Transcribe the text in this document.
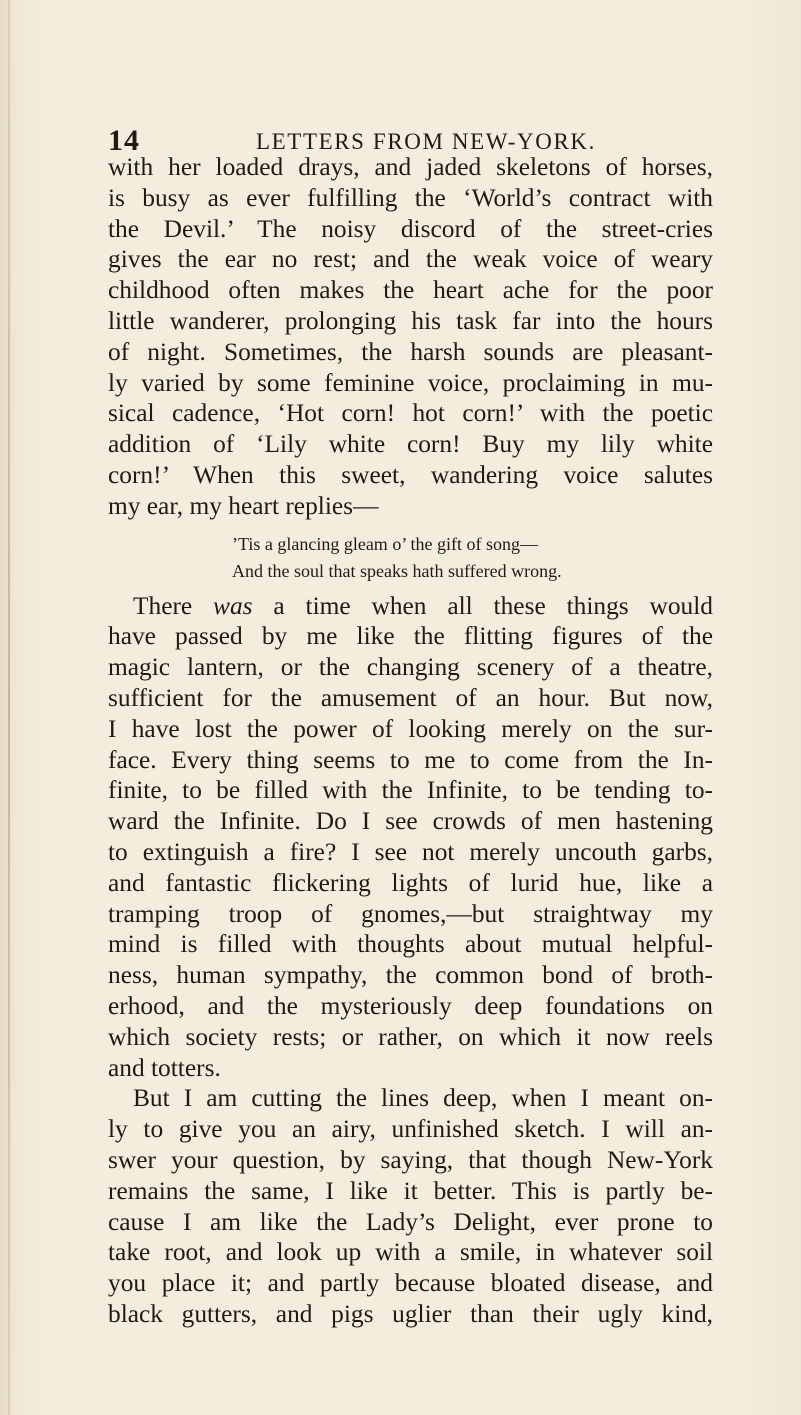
14	LETTERS FROM NEW-YORK.
with her loaded drays, and jaded skeletons of horses,
is busy as ever fulfilling the ‘World’s contract with
the Devil.’ The noisy discord of the street-cries
gives the ear no rest; and the weak voice of weary
childhood often makes the heart ache for the poor
little wanderer, prolonging his task far into the hours
of night. Sometimes, the harsh sounds are pleasant-
ly varied by some feminine voice, proclaiming in mu-
sical cadence, ‘Hot corn! hot corn!’ with the poetic
addition of ‘Lily white corn! Buy my lily white
corn!’ When this sweet, wandering voice salutes
my ear, my heart replies—
’Tis a glancing gleam o’ the gift of song—
And the soul that speaks hath suffered wrong.
There was a time when all these things would
have passed by me like the flitting figures of the
magic lantern, or the changing scenery of a theatre,
sufficient for the amusement of an hour. But now,
I have lost the power of looking merely on the sur-
face. Every thing seems to me to come from the In-
finite, to be filled with the Infinite, to be tending to-
ward the Infinite. Do I see crowds of men hastening
to extinguish a fire? I see not merely uncouth garbs,
and fantastic flickering lights of lurid hue, like a
tramping troop of gnomes,—but straightway my
mind is filled with thoughts about mutual helpful-
ness, human sympathy, the common bond of broth-
erhood, and the mysteriously deep foundations on
which society rests; or rather, on which it now reels
and totters.
But I am cutting the lines deep, when I meant on-
ly to give you an airy, unfinished sketch. I will an-
swer your question, by saying, that though New-York
remains the same, I like it better. This is partly be-
cause I am like the Lady’s Delight, ever prone to
take root, and look up with a smile, in whatever soil
you place it; and partly because bloated disease, and
black gutters, and pigs uglier than their ugly kind,
